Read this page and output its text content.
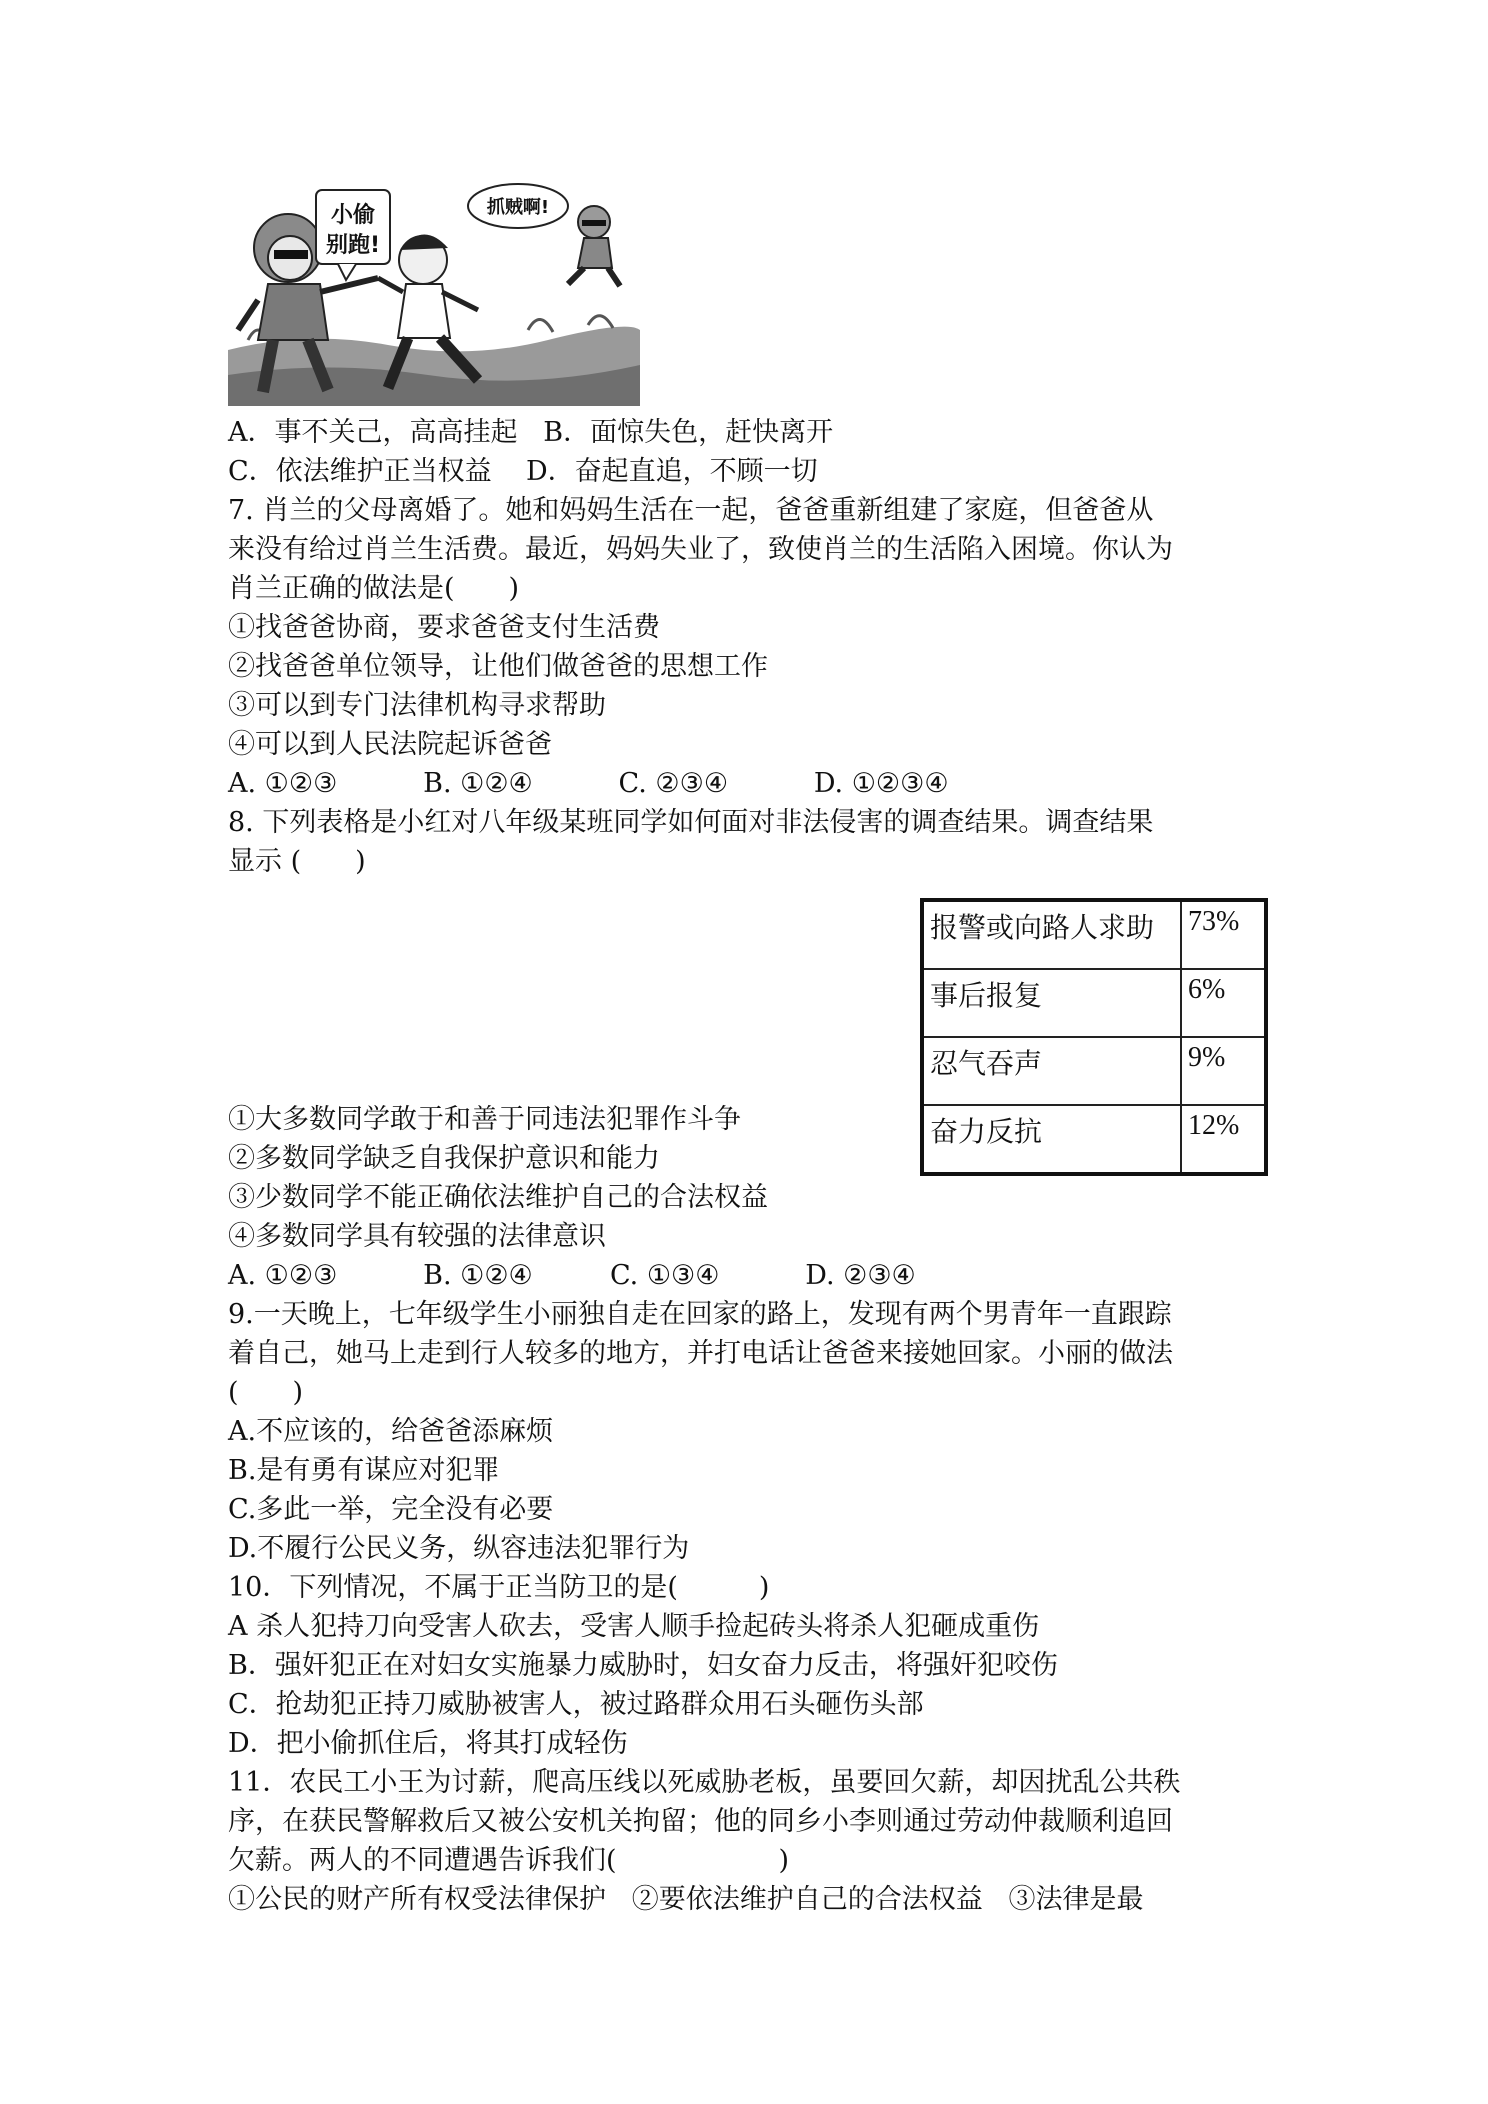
小偷
别跑!
抓贼啊!
A．事不关己，高高挂起   B．面惊失色，赶快离开
C．依法维护正当权益    D．奋起直追，不顾一切
7. 肖兰的父母离婚了。她和妈妈生活在一起，爸爸重新组建了家庭，但爸爸从
来没有给过肖兰生活费。最近，妈妈失业了，致使肖兰的生活陷入困境。你认为
肖兰正确的做法是(　　)
①找爸爸协商，要求爸爸支付生活费
②找爸爸单位领导，让他们做爸爸的思想工作
③可以到专门法律机构寻求帮助
④可以到人民法院起诉爸爸
A. ①②③          B. ①②④          C. ②③④          D. ①②③④
8. 下列表格是小红对八年级某班同学如何面对非法侵害的调查结果。调查结果
显示 (　　)
报警或向路人求助	73%
事后报复	6%
忍气吞声	9%
奋力反抗	12%
①大多数同学敢于和善于同违法犯罪作斗争
②多数同学缺乏自我保护意识和能力
③少数同学不能正确依法维护自己的合法权益
④多数同学具有较强的法律意识
A. ①②③          B. ①②④         C. ①③④          D. ②③④
9.一天晚上，七年级学生小丽独自走在回家的路上，发现有两个男青年一直跟踪
着自己，她马上走到行人较多的地方，并打电话让爸爸来接她回家。小丽的做法
(　　)
A.不应该的，给爸爸添麻烦
B.是有勇有谋应对犯罪
C.多此一举，完全没有必要
D.不履行公民义务，纵容违法犯罪行为
10．下列情况，不属于正当防卫的是(　　　)
A 杀人犯持刀向受害人砍去，受害人顺手捡起砖头将杀人犯砸成重伤
B．强奸犯正在对妇女实施暴力威胁时，妇女奋力反击，将强奸犯咬伤
C．抢劫犯正持刀威胁被害人，被过路群众用石头砸伤头部
D．把小偷抓住后，将其打成轻伤
11．农民工小王为讨薪，爬高压线以死威胁老板，虽要回欠薪，却因扰乱公共秩
序，在获民警解救后又被公安机关拘留；他的同乡小李则通过劳动仲裁顺利追回
欠薪。两人的不同遭遇告诉我们(　　　　　　)
①公民的财产所有权受法律保护   ②要依法维护自己的合法权益   ③法律是最
